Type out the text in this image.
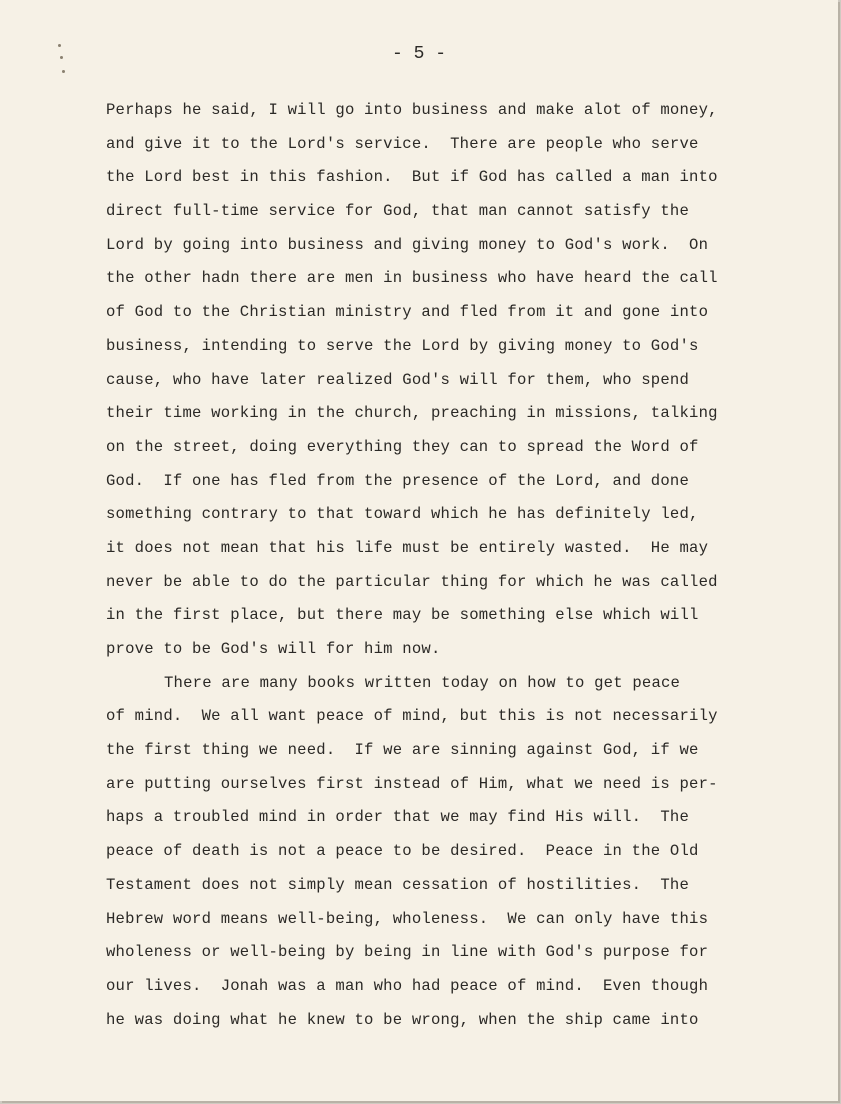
- 5 -
Perhaps he said, I will go into business and make alot of money,
and give it to the Lord's service.  There are people who serve
the Lord best in this fashion.  But if God has called a man into
direct full-time service for God, that man cannot satisfy the
Lord by going into business and giving money to God's work.  On
the other hadn there are men in business who have heard the call
of God to the Christian ministry and fled from it and gone into
business, intending to serve the Lord by giving money to God's
cause, who have later realized God's will for them, who spend
their time working in the church, preaching in missions, talking
on the street, doing everything they can to spread the Word of
God.  If one has fled from the presence of the Lord, and done
something contrary to that toward which he has definitely led,
it does not mean that his life must be entirely wasted.  He may
never be able to do the particular thing for which he was called
in the first place, but there may be something else which will
prove to be God's will for him now.
There are many books written today on how to get peace
of mind.  We all want peace of mind, but this is not necessarily
the first thing we need.  If we are sinning against God, if we
are putting ourselves first instead of Him, what we need is per-
haps a troubled mind in order that we may find His will.  The
peace of death is not a peace to be desired.  Peace in the Old
Testament does not simply mean cessation of hostilities.  The
Hebrew word means well-being, wholeness.  We can only have this
wholeness or well-being by being in line with God's purpose for
our lives.  Jonah was a man who had peace of mind.  Even though
he was doing what he knew to be wrong, when the ship came into
